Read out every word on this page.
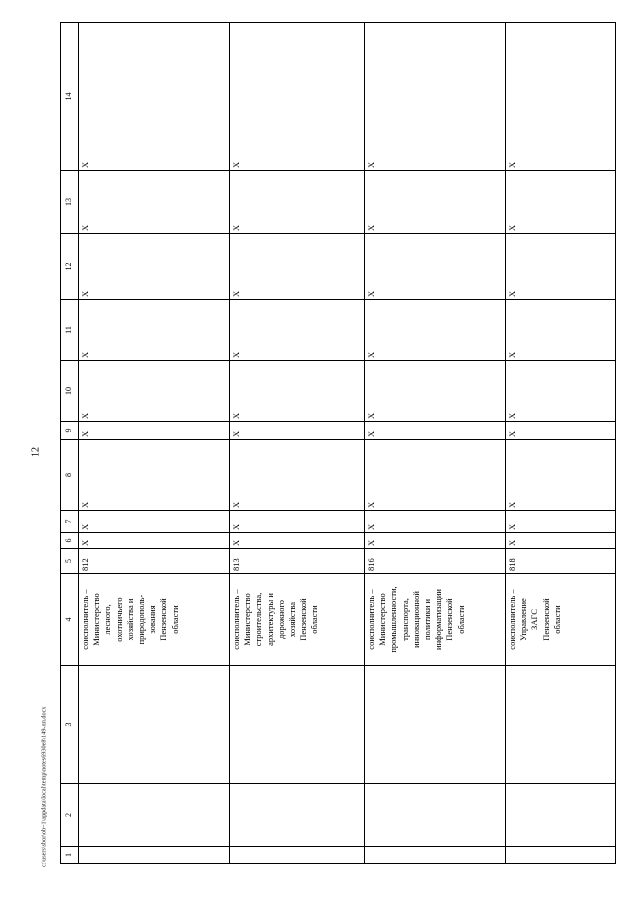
12
c:\users\sbor\ob~1\appdata\local\temp\notes6930e8\149-лп.docx	1
2
3
4
5
6
7
8
9
10
11
12
13
14
соисполнитель –
Министерство
лесного,
охотничьего
хозяйства и
природополь-
зования
Пензенской
области
812
X
X
X
X
X
X
X
X
X
соисполнитель –
Министерство
строительства,
архитектуры и
дорожного
хозяйства
Пензенской
области
813
X
X
X
X
X
X
X
X
X
соисполнитель –
Министерство
промышленности,
транспорта,
инновационной
политики и
информатизации
Пензенской
области
816
X
X
X
X
X
X
X
X
X
соисполнитель –
Управление
ЗАГС
Пензенской
области
818
X
X
X
X
X
X
X
X
X
